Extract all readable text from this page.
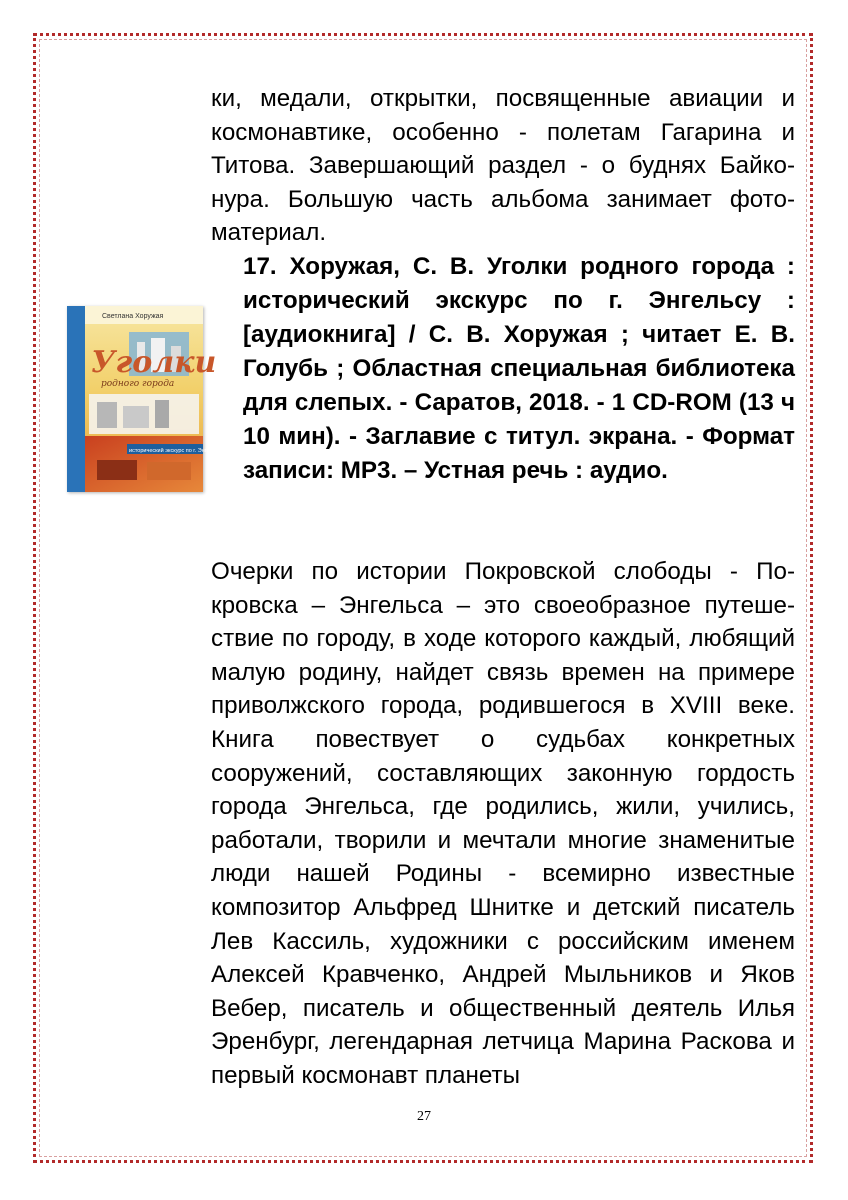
ки, медали, открытки, посвященные авиации и космонавтике, особенно - полетам Гагарина и Титова. Завершающий раздел - о буднях Байконура. Большую часть альбома занимает фотоматериал.
Светлана Хоружая
Уголки
родного города
исторический экскурс по г. Энгельсу
17. Хоружая, С. В. Уголки родного города : исторический экскурс по г. Энгельсу : [аудиокнига] / С. В. Хоружая ; читает Е. В. Голубь ; Областная специальная библиотека для слепых. - Саратов, 2018. - 1 CD-ROM (13 ч 10 мин). - Заглавие с титул. экрана. - Формат записи: MP3. – Устная речь : аудио.
Очерки по истории Покровской слободы - Покровска – Энгельса – это своеобразное путешествие по городу, в ходе которого каждый, любящий малую родину, найдет связь времен на примере приволжского города, родившегося в XVIII веке. Книга повествует о судьбах конкретных сооружений, составляющих законную гордость города Энгельса, где родились, жили, учились, работали, творили и мечтали многие знаменитые люди нашей Родины - всемирно известные композитор Альфред Шнитке и детский писатель Лев Кассиль, художники с российским именем Алексей Кравченко, Андрей Мыльников и Яков Вебер, писатель и общественный деятель Илья Эренбург, легендарная летчица Марина Раскова и первый космонавт планеты
27
